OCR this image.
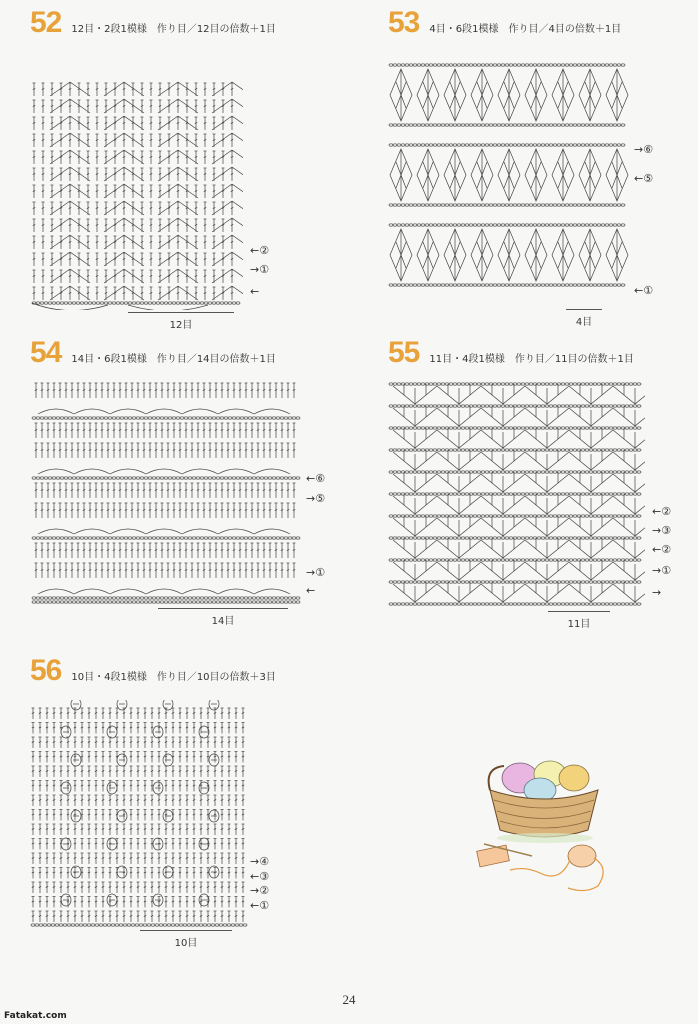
52 12目・2段1模様　作り目／12目の倍数＋1目
←②
→①
←
12目
53 4目・6段1模様　作り目／4目の倍数＋1目
→⑥
←⑤
←①
4目
54 14目・6段1模様　作り目／14目の倍数＋1目
←⑥
→⑤
→①
←
14目
55 11目・4段1模様　作り目／11目の倍数＋1目
←②
→③
←②
→①
→
11目
56 10目・4段1模様　作り目／10目の倍数＋3目
→④
←③
→②
←①
10目
24
Fatakat.com
